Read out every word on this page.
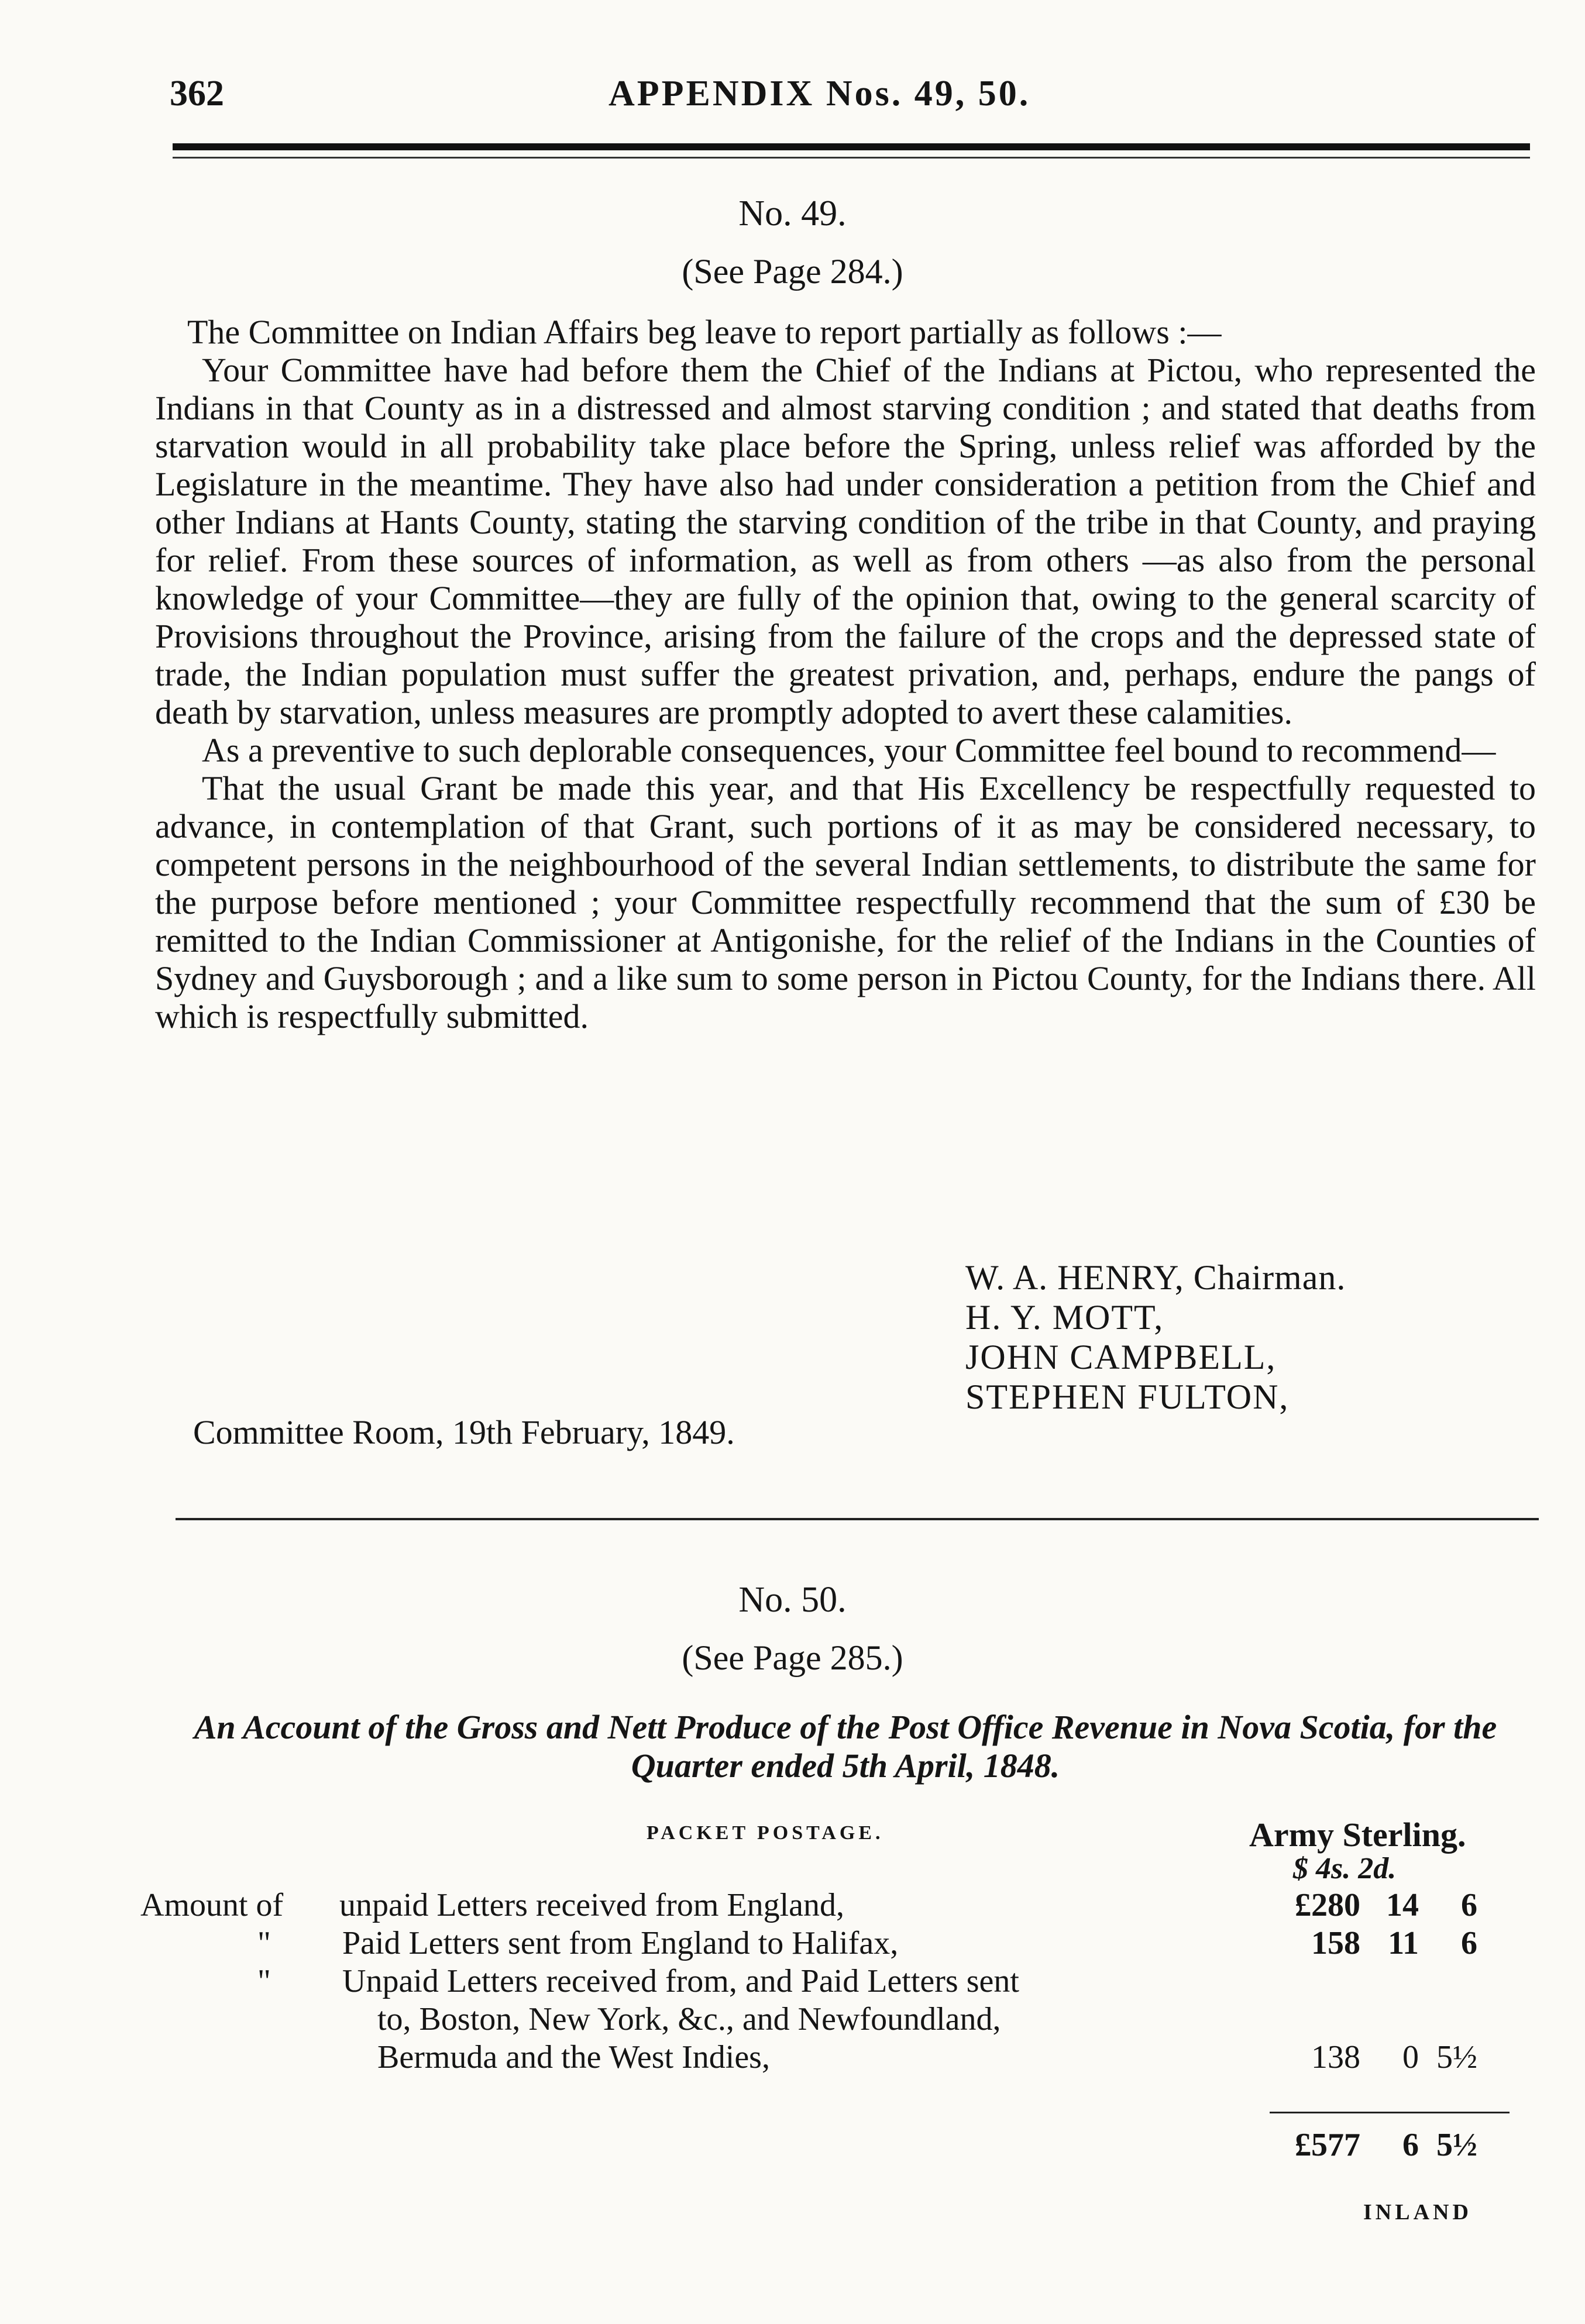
362	APPENDIX Nos. 49, 50.
No. 49.
(See Page 284.)

The Committee on Indian Affairs beg leave to report partially as follows :—

Your Committee have had before them the Chief of the Indians at Pictou, who represented the Indians in that County as in a distressed and almost starving condition ; and stated that deaths from starvation would in all probability take place before the Spring, unless relief was afforded by the Legislature in the meantime. They have also had under consideration a petition from the Chief and other Indians at Hants County, stating the starving condition of the tribe in that County, and praying for relief. From these sources of information, as well as from others —as also from the personal knowledge of your Committee—they are fully of the opinion that, owing to the general scarcity of Provisions throughout the Province, arising from the failure of the crops and the depressed state of trade, the Indian population must suffer the greatest privation, and, perhaps, endure the pangs of death by starvation, unless measures are promptly adopted to avert these calamities.

As a preventive to such deplorable consequences, your Committee feel bound to recommend—

That the usual Grant be made this year, and that His Excellency be respectfully requested to advance, in contemplation of that Grant, such portions of it as may be considered necessary, to competent persons in the neighbourhood of the several Indian settlements, to distribute the same for the purpose before mentioned ; your Committee respectfully recommend that the sum of £30 be remitted to the Indian Commissioner at Antigonishe, for the relief of the Indians in the Counties of Sydney and Guysborough ; and a like sum to some person in Pictou County, for the Indians there. All which is respectfully submitted.

W. A. HENRY, Chairman.
H. Y. MOTT,
JOHN CAMPBELL,
STEPHEN FULTON,
Committee Room, 19th February, 1849.
No. 50.
(See Page 285.)
An Account of the Gross and Nett Produce of the Post Office Revenue in Nova Scotia, for the Quarter ended 5th April, 1848.
PACKET POSTAGE.	Army Sterling.
$ 4s. 2d.
Amount of unpaid Letters received from England,	£280 14 6
" Paid Letters sent from England to Halifax,	158 11 6
" Unpaid Letters received from, and Paid Letters sent
to, Boston, New York, &c., and Newfoundland,
Bermuda and the West Indies,	138 0 5½
£577 6 5½
INLAND
